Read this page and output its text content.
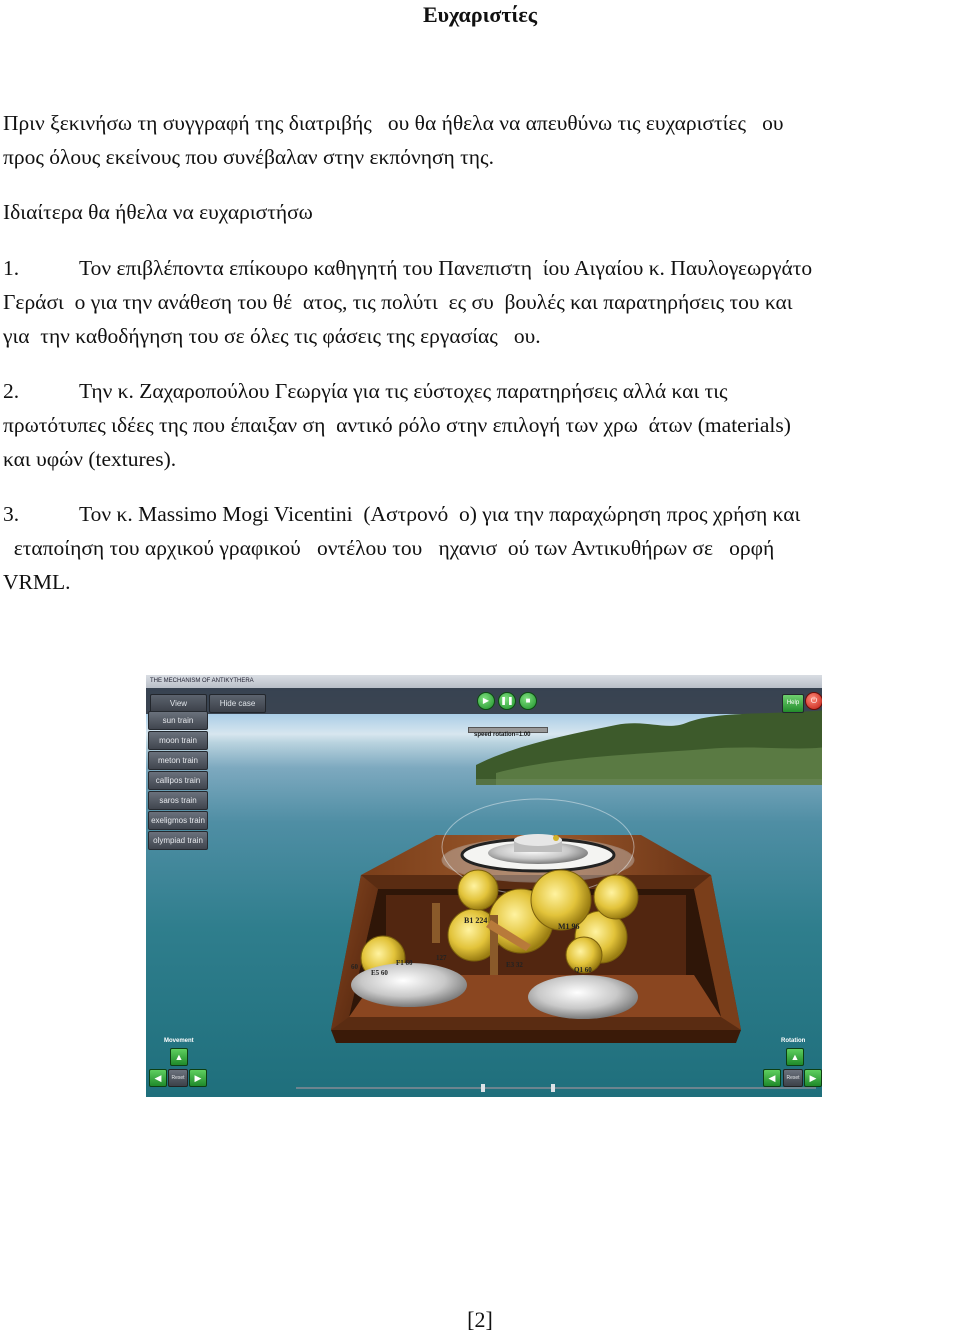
Ευχαριστίες
Πριν ξεκινήσω τη συγγραφή της διατριβής   ου θα ήθελα να απευθύνω τις ευχαριστίες   ου
προς όλους εκείνους που συνέβαλαν στην εκπόνηση της.
Ιδιαίτερα θα ήθελα να ευχαριστήσω
1.	Τον επιβλέποντα επίκουρο καθηγητή του Πανεπιστη  ίου Αιγαίου κ. Παυλογεωργάτο
Γεράσι  ο για την ανάθεση του θέ  ατος, τις πολύτι  ες συ  βουλές και παρατηρήσεις του και
για  την καθοδήγηση του σε όλες τις φάσεις της εργασίας   ου.
2.	Την κ. Ζαχαροπούλου Γεωργία για τις εύστοχες παρατηρήσεις αλλά και τις
πρωτότυπες ιδέες της που έπαιξαν ση  αντικό ρόλο στην επιλογή των χρω  άτων (materials)
και υφών (textures).
3.	Τον κ. Massimo Mogi Vicentini  (Αστρονό  ο) για την παραχώρηση προς χρήση και
εταποίηση του αρχικού γραφικού   οντέλου του   ηχανισ  ού των Αντικυθήρων σε   ορφή
VRML.
THE MECHANISM OF ANTIKYTHERA
View	Hide case	▶	❚❚	■	Help	⏻
speed rotation=1.00
sun train
moon train
meton train
callipos train
saros train
exeligmos train
olympiad train
B1 224
M1 96
127
E3 32
E5 60	Q1 60
F1 60
60
Movement
▲
◀	Reset	▶
Rotation
▲
◀	Reset	▶
[2]
